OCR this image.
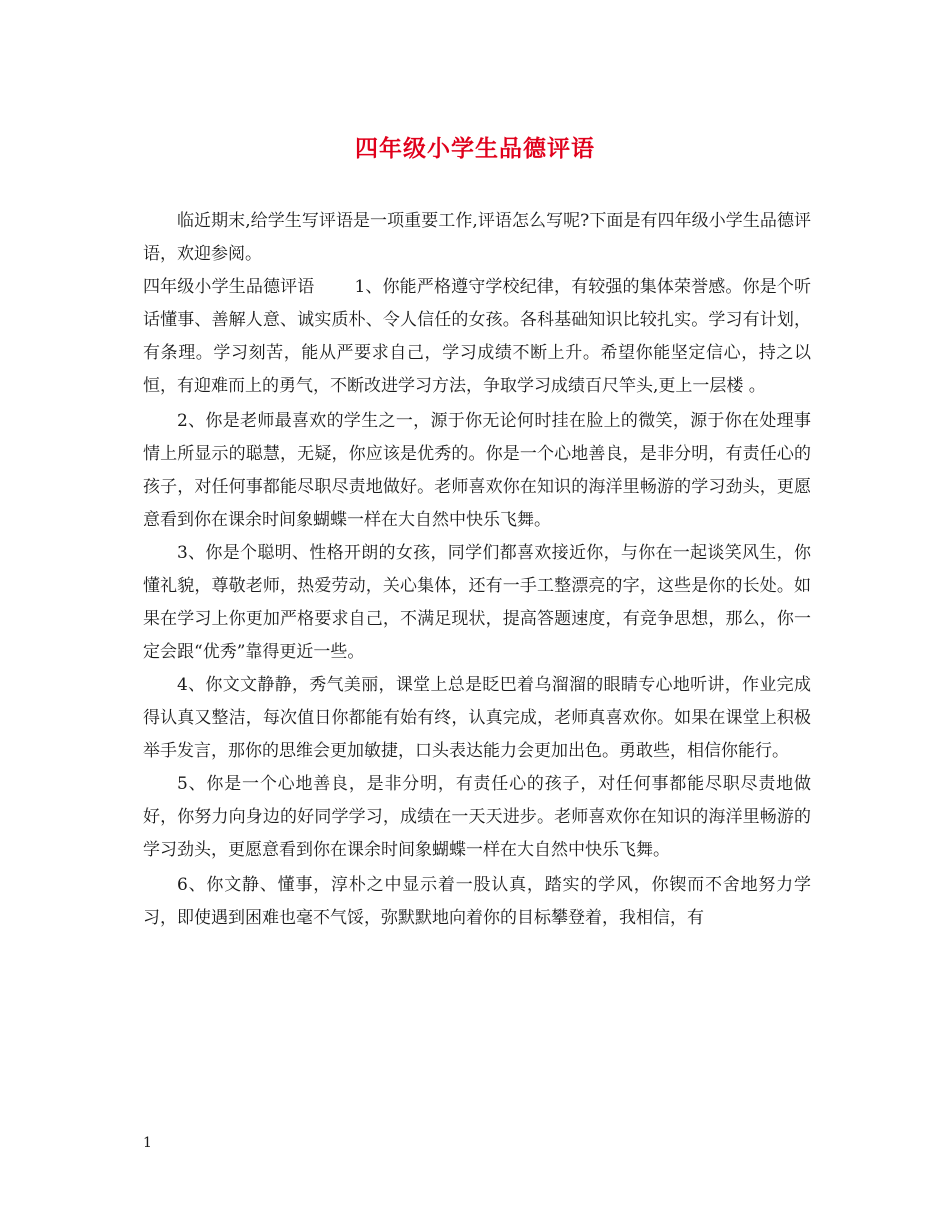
四年级小学生品德评语

临近期末,给学生写评语是一项重要工作,评语怎么写呢?下面是有四年级小学生品德评语，欢迎参阅。

四年级小学生品德评语 1、你能严格遵守学校纪律，有较强的集体荣誉感。你是个听话懂事、善解人意、诚实质朴、令人信任的女孩。各科基础知识比较扎实。学习有计划，有条理。学习刻苦，能从严要求自己，学习成绩不断上升。希望你能坚定信心，持之以恒，有迎难而上的勇气，不断改进学习方法，争取学习成绩百尺竿头,更上一层楼 。

2、你是老师最喜欢的学生之一，源于你无论何时挂在脸上的微笑，源于你在处理事情上所显示的聪慧，无疑，你应该是优秀的。你是一个心地善良，是非分明，有责任心的孩子，对任何事都能尽职尽责地做好。老师喜欢你在知识的海洋里畅游的学习劲头，更愿意看到你在课余时间象蝴蝶一样在大自然中快乐飞舞。

3、你是个聪明、性格开朗的女孩，同学们都喜欢接近你，与你在一起谈笑风生，你懂礼貌，尊敬老师，热爱劳动，关心集体，还有一手工整漂亮的字，这些是你的长处。如果在学习上你更加严格要求自己，不满足现状，提高答题速度，有竞争思想，那么，你一定会跟“优秀”靠得更近一些。

4、你文文静静，秀气美丽，课堂上总是眨巴着乌溜溜的眼睛专心地听讲，作业完成得认真又整洁，每次值日你都能有始有终，认真完成，老师真喜欢你。如果在课堂上积极举手发言，那你的思维会更加敏捷，口头表达能力会更加出色。勇敢些，相信你能行。

5、你是一个心地善良，是非分明，有责任心的孩子，对任何事都能尽职尽责地做好，你努力向身边的好同学学习，成绩在一天天进步。老师喜欢你在知识的海洋里畅游的学习劲头，更愿意看到你在课余时间象蝴蝶一样在大自然中快乐飞舞。

6、你文静、懂事，淳朴之中显示着一股认真，踏实的学风，你锲而不舍地努力学习，即使遇到困难也毫不气馁，弥默默地向着你的目标攀登着，我相信，有

1
